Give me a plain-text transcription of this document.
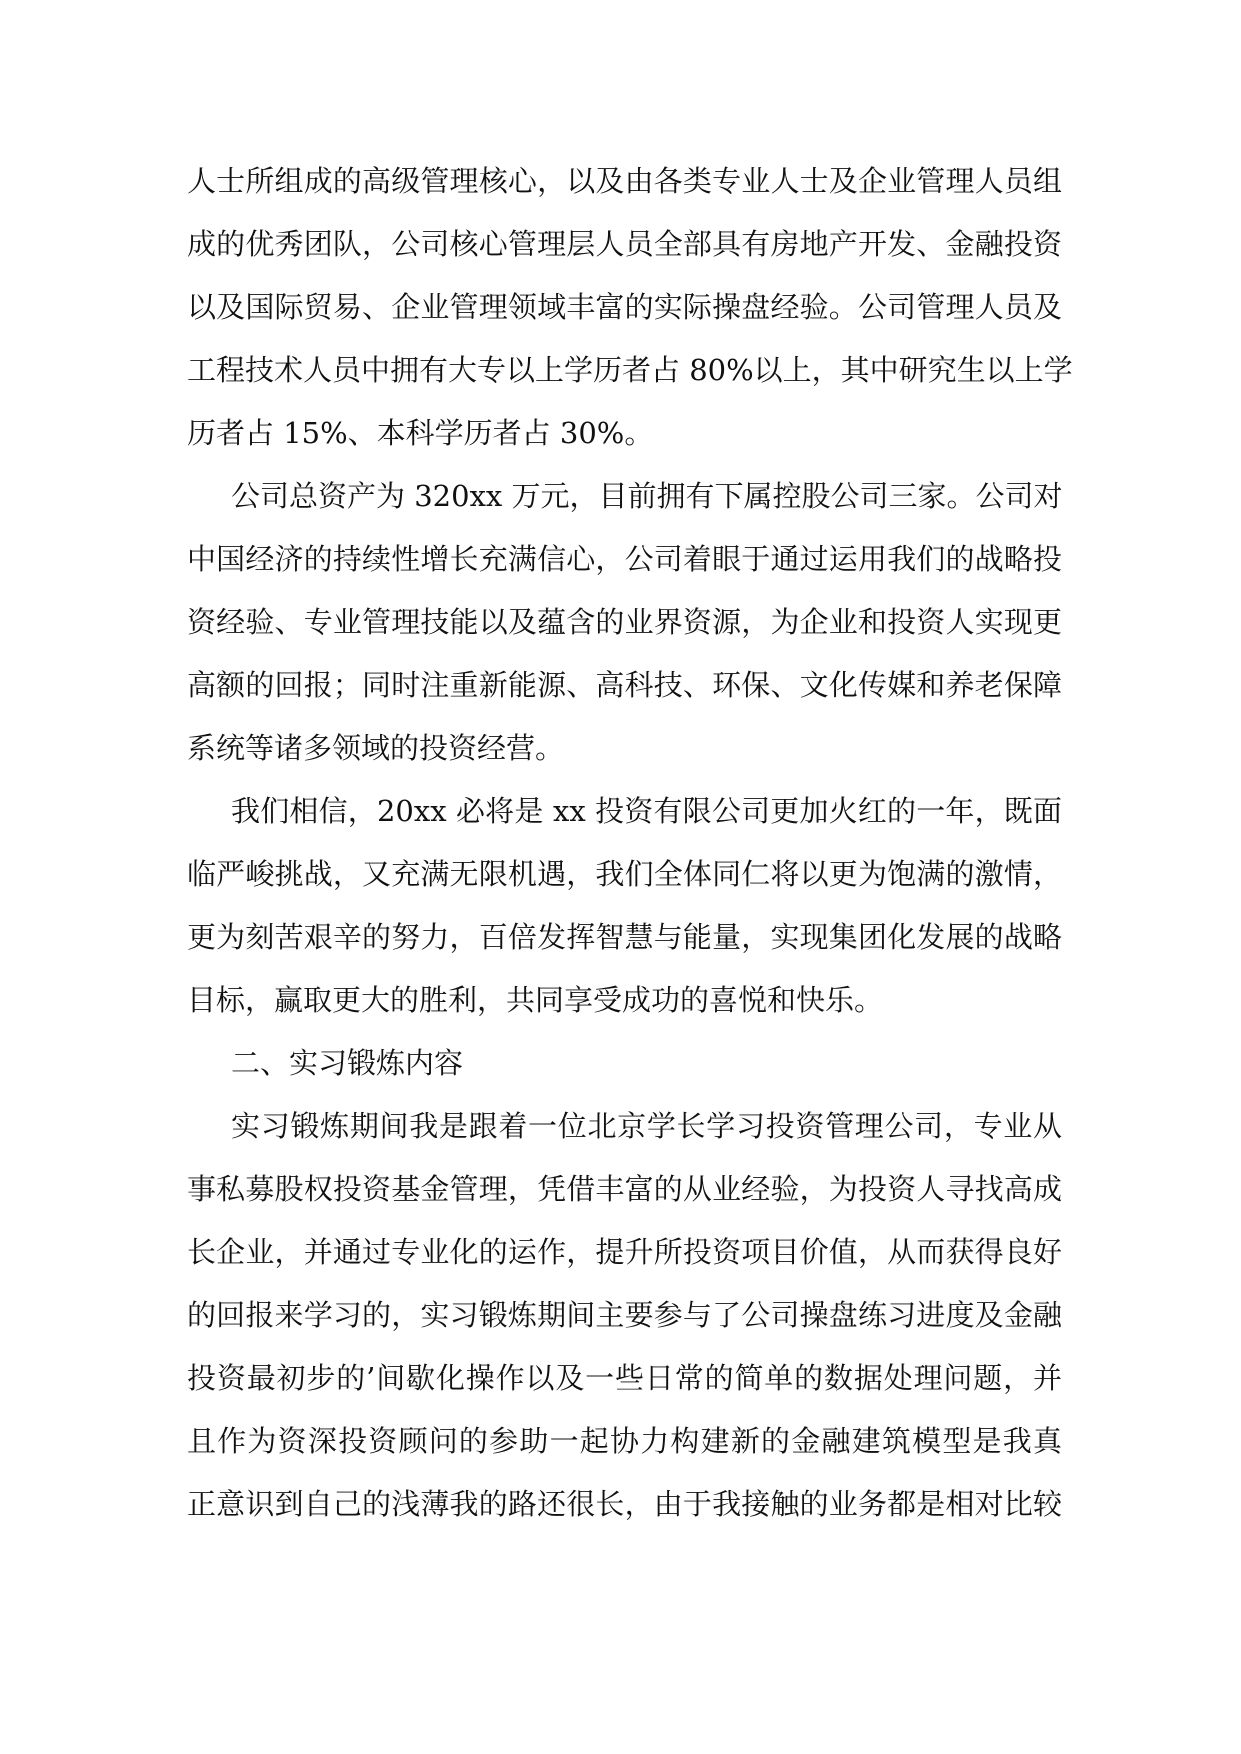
人士所组成的高级管理核心，以及由各类专业人士及企业管理人员组
成的优秀团队，公司核心管理层人员全部具有房地产开发、金融投资
以及国际贸易、企业管理领域丰富的实际操盘经验。公司管理人员及
工程技术人员中拥有大专以上学历者占 80%以上，其中研究生以上学
历者占 15%、本科学历者占 30%。
公司总资产为 320xx 万元，目前拥有下属控股公司三家。公司对
中国经济的持续性增长充满信心，公司着眼于通过运用我们的战略投
资经验、专业管理技能以及蕴含的业界资源，为企业和投资人实现更
高额的回报；同时注重新能源、高科技、环保、文化传媒和养老保障
系统等诸多领域的投资经营。
我们相信，20xx 必将是 xx 投资有限公司更加火红的一年，既面
临严峻挑战，又充满无限机遇，我们全体同仁将以更为饱满的激情，
更为刻苦艰辛的努力，百倍发挥智慧与能量，实现集团化发展的战略
目标，赢取更大的胜利，共同享受成功的喜悦和快乐。
二、实习锻炼内容
实习锻炼期间我是跟着一位北京学长学习投资管理公司，专业从
事私募股权投资基金管理，凭借丰富的从业经验，为投资人寻找高成
长企业，并通过专业化的运作，提升所投资项目价值，从而获得良好
的回报来学习的，实习锻炼期间主要参与了公司操盘练习进度及金融
投资最初步的’间歇化操作以及一些日常的简单的数据处理问题，并
且作为资深投资顾问的参助一起协力构建新的金融建筑模型是我真
正意识到自己的浅薄我的路还很长，由于我接触的业务都是相对比较
